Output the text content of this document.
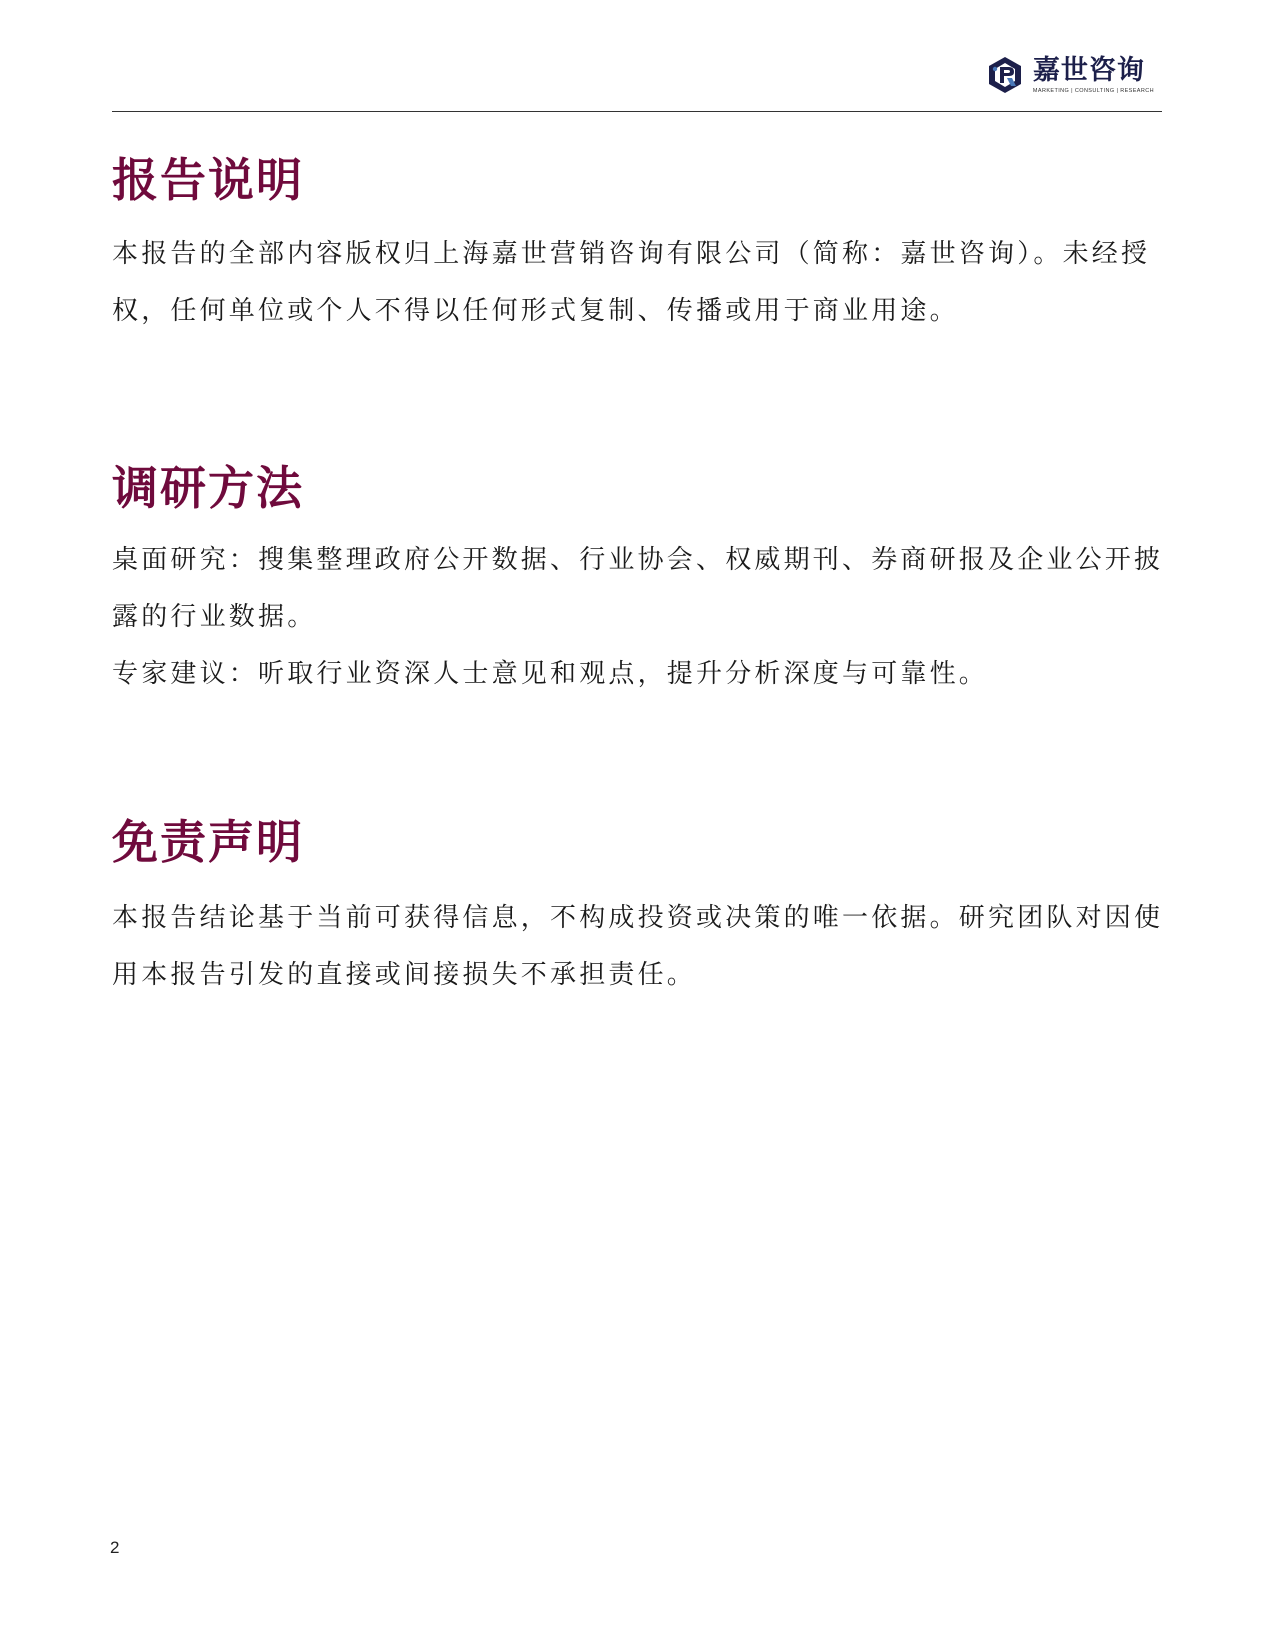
嘉世咨询
MARKETING | CONSULTING | RESEARCH
报告说明

本报告的全部内容版权归上海嘉世营销咨询有限公司（简称：嘉世咨询）。未经授权，任何单位或个人不得以任何形式复制、传播或用于商业用途。

调研方法

桌面研究：搜集整理政府公开数据、行业协会、权威期刊、券商研报及企业公开披露的行业数据。

专家建议：听取行业资深人士意见和观点，提升分析深度与可靠性。

免责声明

本报告结论基于当前可获得信息，不构成投资或决策的唯一依据。研究团队对因使用本报告引发的直接或间接损失不承担责任。

2
